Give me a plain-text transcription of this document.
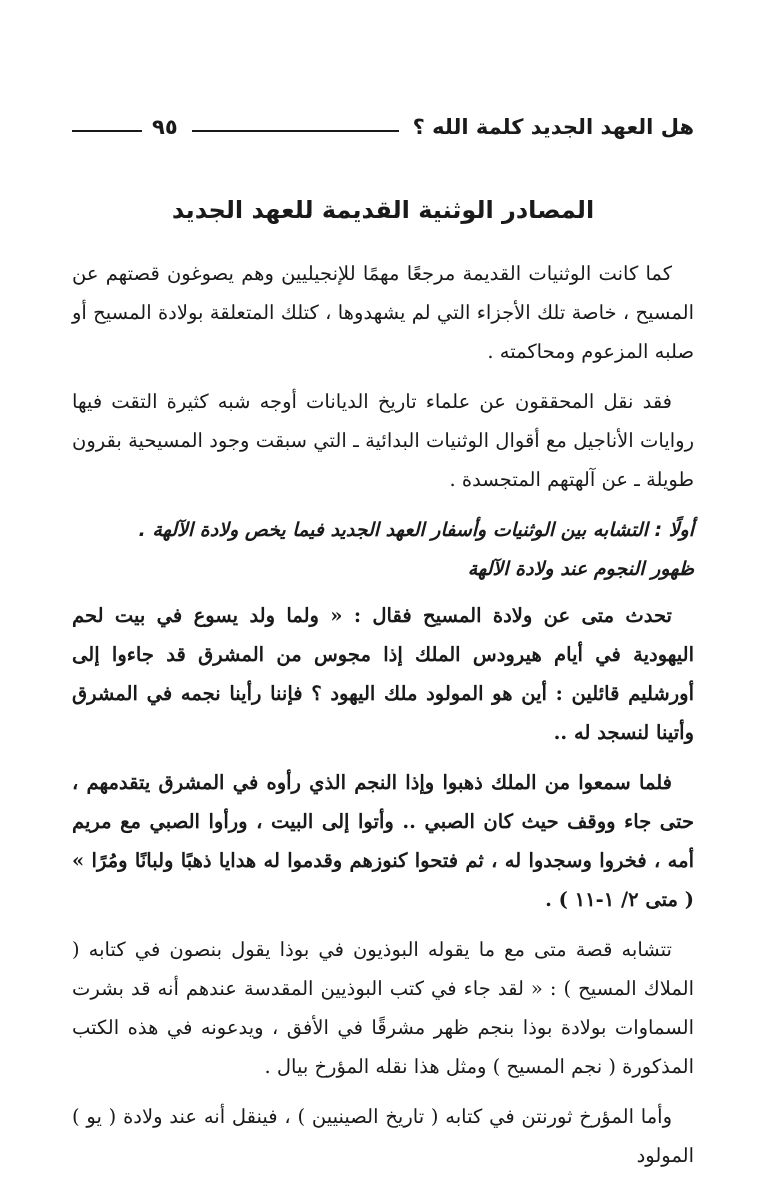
هل العهد الجديد كلمة الله ؟
٩٥
المصادر الوثنية القديمة للعهد الجديد

كما كانت الوثنيات القديمة مرجعًا مهمًا للإنجيليين وهم يصوغون قصتهم عن المسيح ، خاصة تلك الأجزاء التي لم يشهدوها ، كتلك المتعلقة بولادة المسيح أو صلبه المزعوم ومحاكمته .

فقد نقل المحققون عن علماء تاريخ الديانات أوجه شبه كثيرة التقت فيها روايات الأناجيل مع أقوال الوثنيات البدائية ـ التي سبقت وجود المسيحية بقرون طويلة ـ عن آلهتهم المتجسدة .

أولًا : التشابه بين الوثنيات وأسفار العهد الجديد فيما يخص ولادة الآلهة .
ظهور النجوم عند ولادة الآلهة

تحدث متى عن ولادة المسيح فقال : « ولما ولد يسوع في بيت لحم اليهودية في أيام هيرودس الملك إذا مجوس من المشرق قد جاءوا إلى أورشليم قائلين : أين هو المولود ملك اليهود ؟ فإننا رأينا نجمه في المشرق وأتينا لنسجد له ..

فلما سمعوا من الملك ذهبوا وإذا النجم الذي رأوه في المشرق يتقدمهم ، حتى جاء ووقف حيث كان الصبي .. وأتوا إلى البيت ، ورأوا الصبي مع مريم أمه ، فخروا وسجدوا له ، ثم فتحوا كنوزهم وقدموا له هدايا ذهبًا ولبانًا ومُرًا » ( متى ٢/ ١-١١ ) .

تتشابه قصة متى مع ما يقوله البوذيون في بوذا يقول بنصون في كتابه ( الملاك المسيح ) : « لقد جاء في كتب البوذيين المقدسة عندهم أنه قد بشرت السماوات بولادة بوذا بنجم ظهر مشرقًا في الأفق ، ويدعونه في هذه الكتب المذكورة ( نجم المسيح ) ومثل هذا نقله المؤرخ بيال .

وأما المؤرخ ثورنتن في كتابه ( تاريخ الصينيين ) ، فينقل أنه عند ولادة ( يو ) المولود
